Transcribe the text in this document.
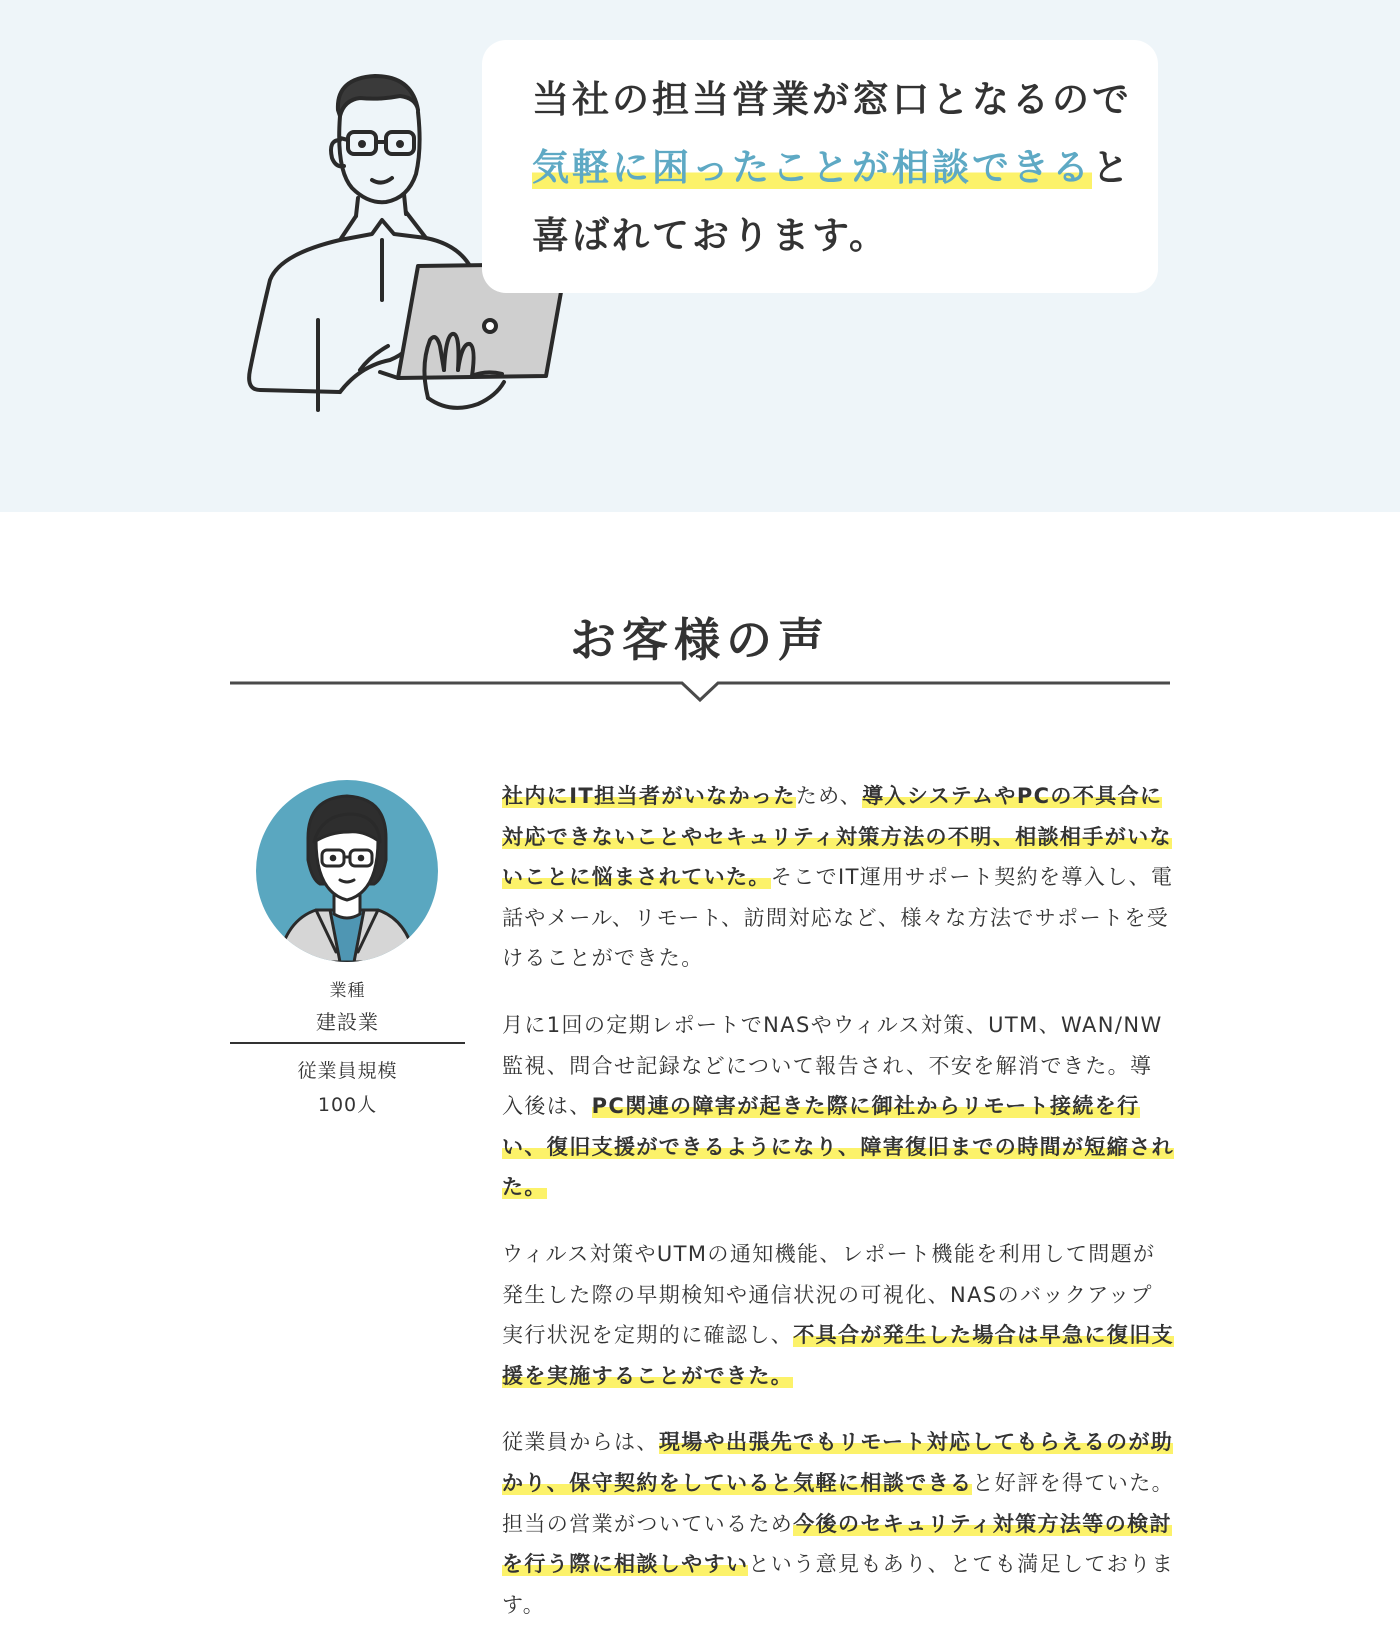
当社の担当営業が窓口となるので
気軽に困ったことが相談できると
喜ばれております。
お客様の声
業種
建設業
従業員規模
100人

社内にIT担当者がいなかったため、導入システムやPCの不具合に対応できないことやセキュリティ対策方法の不明、相談相手がいないことに悩まされていた。そこでIT運用サポート契約を導入し、電話やメール、リモート、訪問対応など、様々な方法でサポートを受けることができた。

月に1回の定期レポートでNASやウィルス対策、UTM、WAN/NW監視、問合せ記録などについて報告され、不安を解消できた。導入後は、PC関連の障害が起きた際に御社からリモート接続を行い、復旧支援ができるようになり、障害復旧までの時間が短縮された。

ウィルス対策やUTMの通知機能、レポート機能を利用して問題が発生した際の早期検知や通信状況の可視化、NASのバックアップ実行状況を定期的に確認し、不具合が発生した場合は早急に復旧支援を実施することができた。

従業員からは、現場や出張先でもリモート対応してもらえるのが助かり、保守契約をしていると気軽に相談できると好評を得ていた。担当の営業がついているため今後のセキュリティ対策方法等の検討を行う際に相談しやすいという意見もあり、とても満足しております。
